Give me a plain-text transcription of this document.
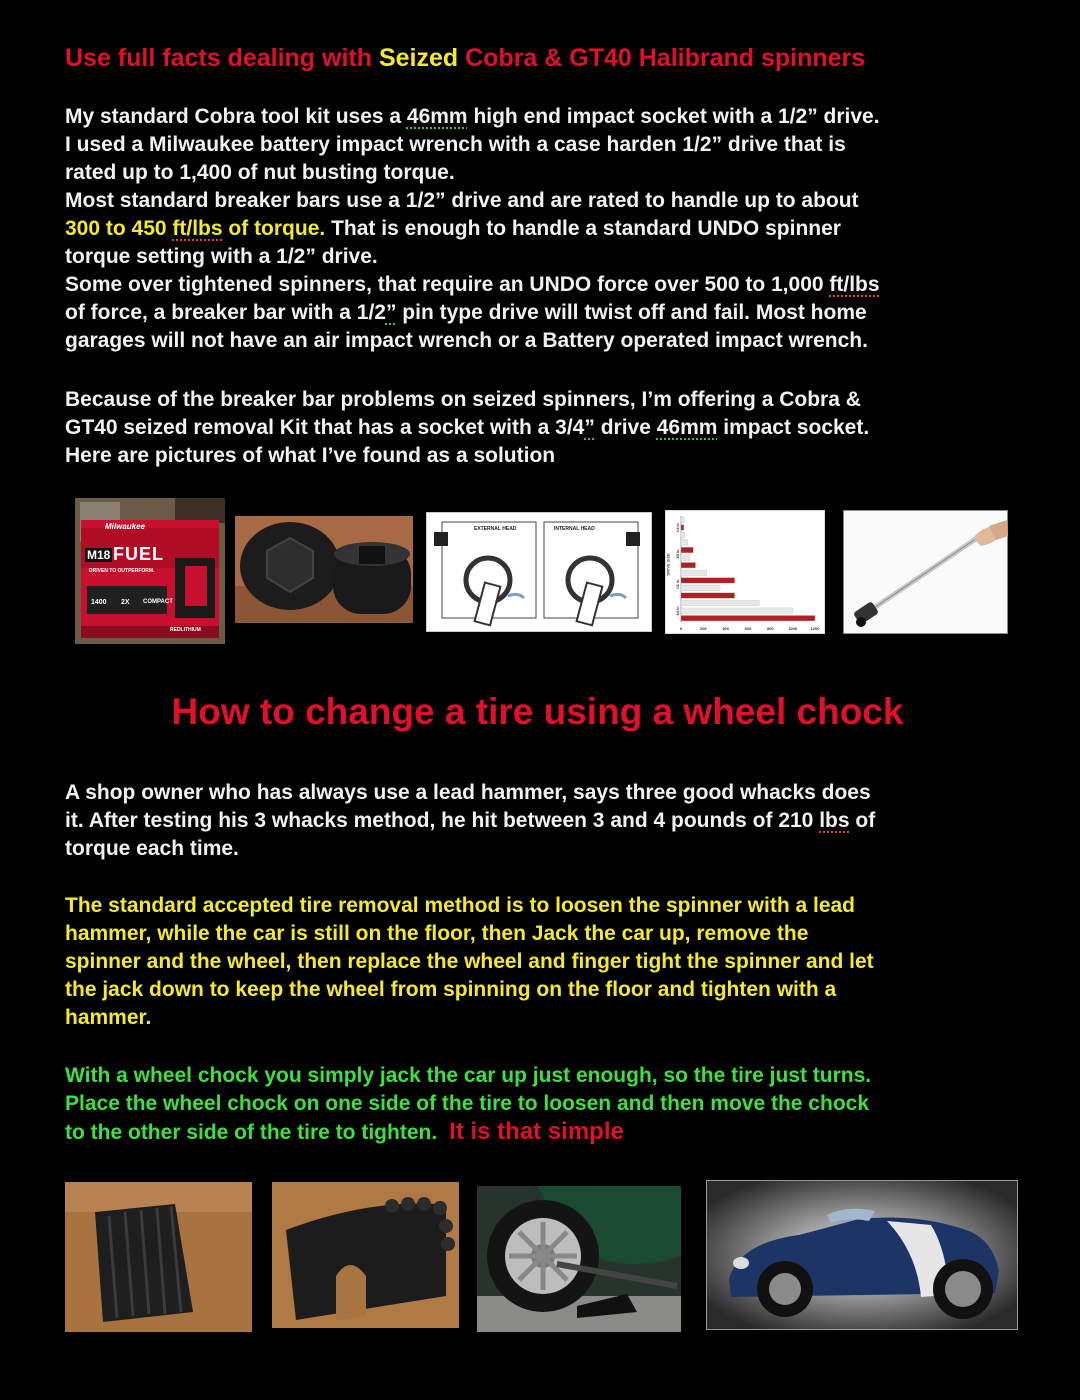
Use full facts dealing with Seized Cobra & GT40 Halibrand spinners
My standard Cobra tool kit uses a 46mm high end impact socket with a 1/2” drive.
I used a Milwaukee battery impact wrench with a case harden 1/2” drive that is
rated up to 1,400 of nut busting torque.
Most standard breaker bars use a 1/2” drive and are rated to handle up to about
300 to 450 ft/lbs of torque. That is enough to handle a standard UNDO spinner
torque setting with a 1/2” drive.
Some over tightened spinners, that require an UNDO force over 500 to 1,000 ft/lbs
of force, a breaker bar with a 1/2” pin type drive will twist off and fail. Most home
garages will not have an air impact wrench or a Battery operated impact wrench.
Because of the breaker bar problems on seized spinners, I’m offering a Cobra &
GT40 seized removal Kit that has a socket with a 3/4” drive 46mm impact socket.
Here are pictures of what I’ve found as a solution
Milwaukee
M18 FUEL
DRIVEN TO OUTPERFORM.
1400 2X COMPACT
REDLITHIUM
EXTERNAL HEAD	INTERNAL HEAD	1/4 in.
3/8 in.
1/2 in.
3/4 in.
0	200	400	600	800	1000	1200
DRIVE SIZE
How to change a tire using a wheel chock
A shop owner who has always use a lead hammer, says three good whacks does
it. After testing his 3 whacks method, he hit between 3 and 4 pounds of 210 lbs of
torque each time.
The standard accepted tire removal method is to loosen the spinner with a lead
hammer, while the car is still on the floor, then Jack the car up, remove the
spinner and the wheel, then replace the wheel and finger tight the spinner and let
the jack down to keep the wheel from spinning on the floor and tighten with a
hammer.
With a wheel chock you simply jack the car up just enough, so the tire just turns.
Place the wheel chock on one side of the tire to loosen and then move the chock
to the other side of the tire to tighten. It is that simple
